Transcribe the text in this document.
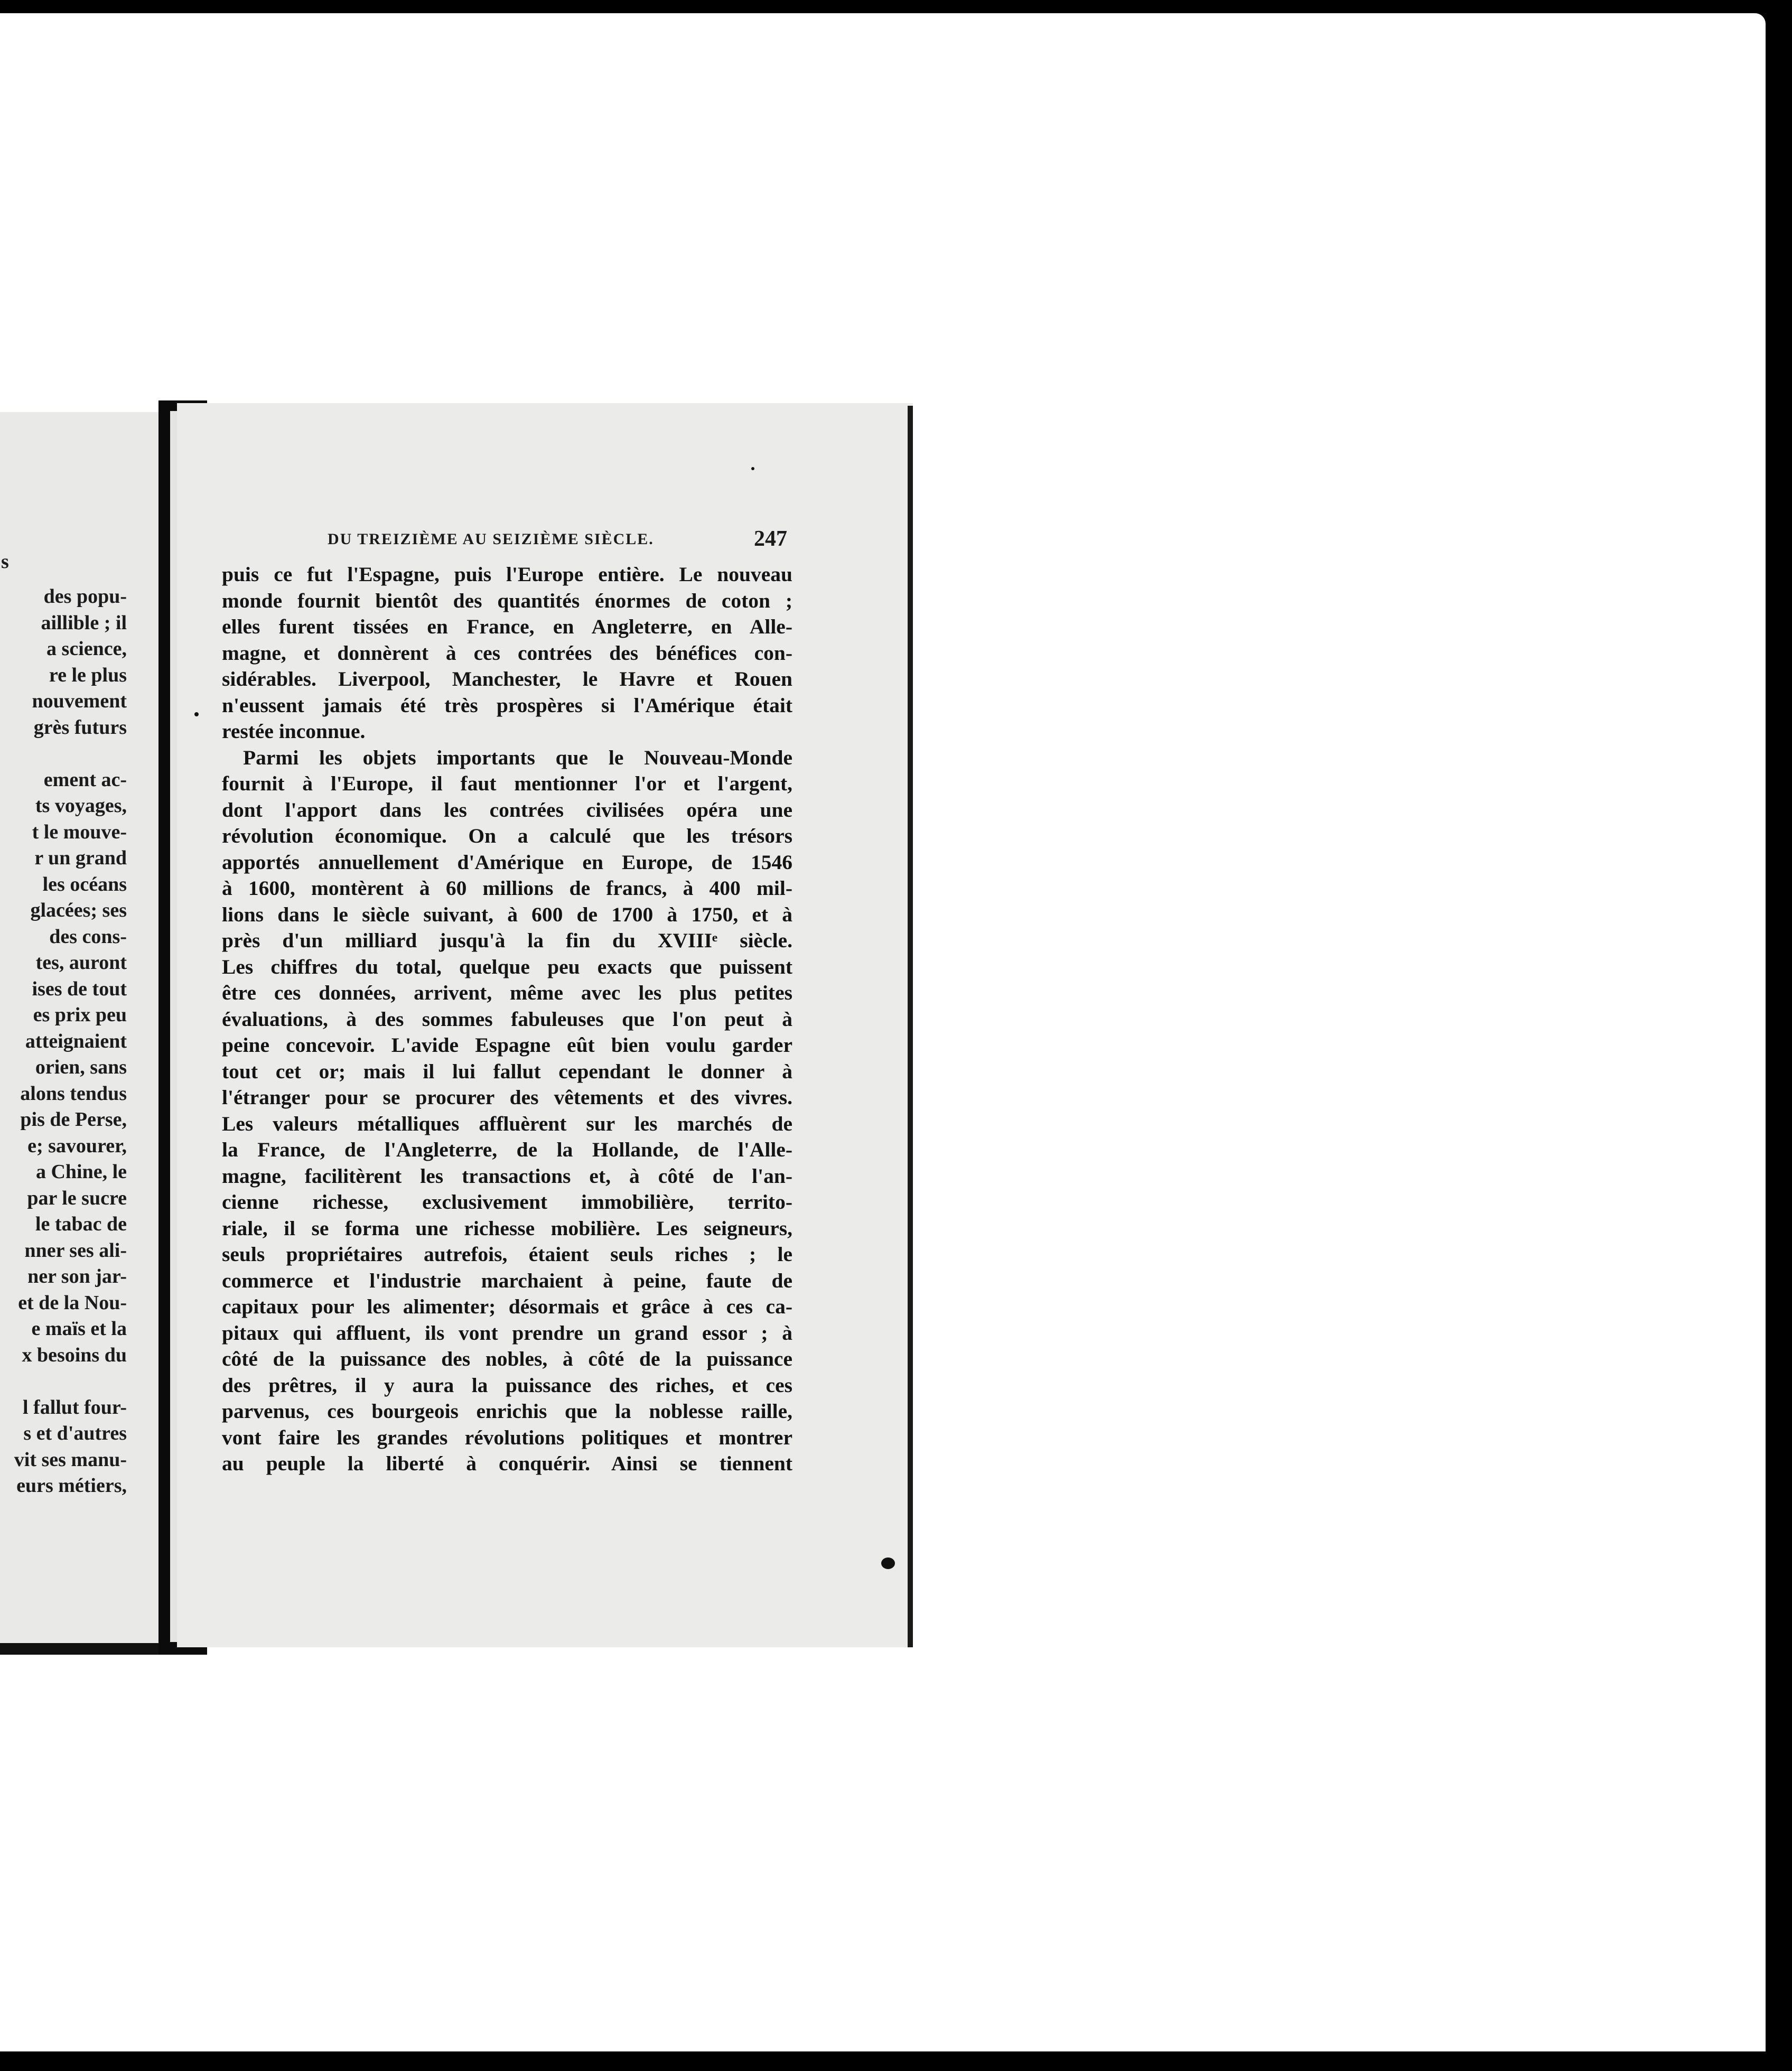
s
des popu-
aillible ; il
a science,
re le plus
nouvement
grès futurs
ement ac-
ts voyages,
t le mouve-
r un grand
les océans
glacées; ses
des cons-
tes, auront
ises de tout
es prix peu
atteignaient
orien, sans
alons tendus
pis de Perse,
e; savourer,
a Chine, le
par le sucre
le tabac de
nner ses ali-
ner son jar-
et de la Nou-
e maïs et la
x besoins du
l fallut four-
s et d'autres
vit ses manu-
eurs métiers,
DU TREIZIÈME AU SEIZIÈME SIÈCLE.	247
puis ce fut l'Espagne, puis l'Europe entière. Le nouveau
monde fournit bientôt des quantités énormes de coton ;
elles furent tissées en France, en Angleterre, en Alle-
magne, et donnèrent à ces contrées des bénéfices con-
sidérables. Liverpool, Manchester, le Havre et Rouen
n'eussent jamais été très prospères si l'Amérique était
restée inconnue.
Parmi les objets importants que le Nouveau-Monde
fournit à l'Europe, il faut mentionner l'or et l'argent,
dont l'apport dans les contrées civilisées opéra une
révolution économique. On a calculé que les trésors
apportés annuellement d'Amérique en Europe, de 1546
à 1600, montèrent à 60 millions de francs, à 400 mil-
lions dans le siècle suivant, à 600 de 1700 à 1750, et à
près d'un milliard jusqu'à la fin du XVIIIᵉ siècle.
Les chiffres du total, quelque peu exacts que puissent
être ces données, arrivent, même avec les plus petites
évaluations, à des sommes fabuleuses que l'on peut à
peine concevoir. L'avide Espagne eût bien voulu garder
tout cet or; mais il lui fallut cependant le donner à
l'étranger pour se procurer des vêtements et des vivres.
Les valeurs métalliques affluèrent sur les marchés de
la France, de l'Angleterre, de la Hollande, de l'Alle-
magne, facilitèrent les transactions et, à côté de l'an-
cienne richesse, exclusivement immobilière, territo-
riale, il se forma une richesse mobilière. Les seigneurs,
seuls propriétaires autrefois, étaient seuls riches ; le
commerce et l'industrie marchaient à peine, faute de
capitaux pour les alimenter; désormais et grâce à ces ca-
pitaux qui affluent, ils vont prendre un grand essor ; à
côté de la puissance des nobles, à côté de la puissance
des prêtres, il y aura la puissance des riches, et ces
parvenus, ces bourgeois enrichis que la noblesse raille,
vont faire les grandes révolutions politiques et montrer
au peuple la liberté à conquérir. Ainsi se tiennent
